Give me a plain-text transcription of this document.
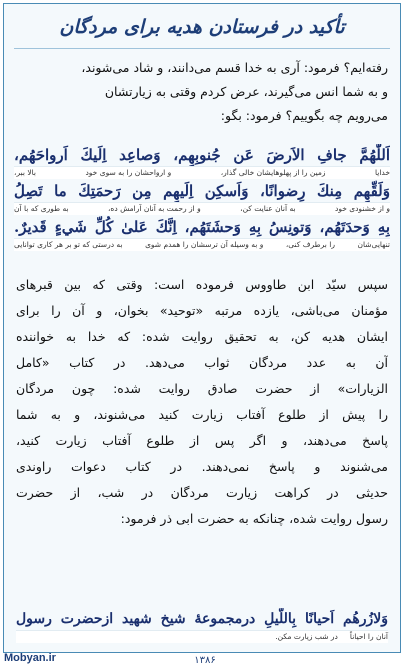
تأکید در فرستادن هدیه برای مردگان

رفته‌ایم؟ فرمود: آری به خدا قسم می‌دانند، و شاد می‌شوند،

و به شما انس می‌گیرند، عرض کردم وقتی به زیارتشان

می‌رویم چه بگوییم؟ فرمود: بگو:

اَللّٰهُمَّ جافِ الاَرضَ عَن جُنوبِهِم، وَصاعِد اِلَيكَ اَرواحَهُم،
خدایا
زمین را از پهلوهایشان خالی گذار،
و ارواحشان را به سوی خود
بالا ببر،
وَلَقِّهِم مِنكَ رِضوانًا، وَاَسكِن اِلَيهِم مِن رَحمَتِكَ ما تَصِلُ
و از خشنودی خود
به آنان عنایت کن،
و از رحمت به آنان آرامش ده،
به طوری که با آن
بِهِ وَحدَتَهُم، وَتونِسُ بِهِ وَحشَتَهُم، اِنَّكَ عَلىٰ كُلِّ شَيءٍ قَديرٌ.
تنهایی‌شان
را برطرف کنی،
و به وسیله آن ترسشان را همدم شوی
به درستی که تو بر هر کاری توانایی

سپس سیّد ابن طاووس فرموده است: وقتی که بین قبرهای

مؤمنان می‌باشی، یازده مرتبه «توحید» بخوان، و آن را برای

ایشان هدیه کن، به تحقیق روایت شده: که خدا به خواننده

آن به عدد مردگان ثواب می‌دهد. در کتاب «کامل

الزیارات» از حضرت صادق روایت شده: چون مردگان

را پیش از طلوع آفتاب زیارت کنید می‌شنوند، و به شما

پاسخ می‌دهند، و اگر پس از طلوع آفتاب زیارت کنید،

می‌شنوند و پاسخ نمی‌دهند. در کتاب دعوات راوندی

حدیثی در کراهت زیارت مردگان در شب، از حضرت

رسول روایت شده، چنانکه به حضرت ابی ذر فرمود:

وَلازُرهُم اَحيانًا بِاللَّيلِ درمجموعهٔ شیخ شهید ازحضرت رسول
آنان را احیاناً
در شب زیارت مکن.
۱۳۸۶
Mobyan.ir
